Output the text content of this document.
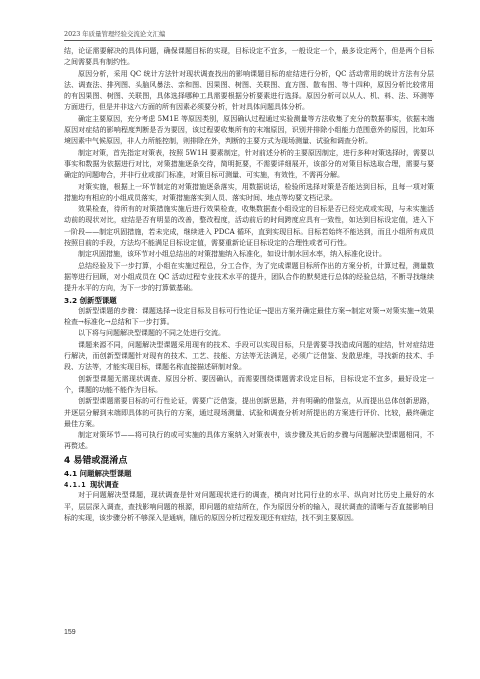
2023 年质量管理经验交流论文汇编

结，论证需要解决的具体问题，确保课题目标的实现，目标设定不宜多，一般设定一个，最多设定两个，但是两个目标之间需要具有制约性。

原因分析，采用 QC 统计方法针对现状调查找出的影响课题目标的症结进行分析，QC 活动常用的统计方法有分层法、调查法、排列图、头脑风暴法、亲和图、因果图、树图、关联图、直方图、散布图、等十四种，原因分析比较常用的有因果图、树图、关联图，具体选择哪种工具需要根据分析要素进行选择。原因分析可以从人、机、料、法、环测等方面进行，但是并非这六方面的所有因素必须要分析，针对具体问题具体分析。

确定主要原因，充分考虑 5M1E 等原因类别，原因确认过程通过实验测量等方法收集了充分的数据事实，依据末端原因对症结的影响程度判断是否为要因，该过程要收集所有的末端原因，识别并排除小组能力范围意外的原因，比如环境因素中气候原因，非人力所能控制，则排除在外，判断的主要方式为现场测量、试验和调查分析。

制定对策，首先指定对策表，按照 5W1H 要素制定，针对前述分析的主要原因制定，进行多种对策选择时，需要以事实和数据为依据进行对比，对策措施逐条交待，简明扼要，不需要详细展开，该部分的对策目标选取合理，需要与要确定的问题吻合，并非行业或部门标准，对策目标可测量、可实施，有效性，不需再分解。

对策实施，根据上一环节制定的对策措施逐条落实，用数据说话，检验所选择对策是否能达到目标，且每一项对策措施均有相应的小组成员落实，对策措施落实到人员、落实时间、地点等均要文档记录。

效果检查，待所有的对策措施实施后进行效果检查，收集数据查小组设定的目标是否已经完成或实现，与未实施活动前的现状对比，症结是否有明显的改善，整改程度，活动前后的时间跨度应具有一致性，如达到目标设定值，进入下一阶段——制定巩固措施，若未完成，继续进入 PDCA 循环，直到实现目标。目标若始终不能达到，而且小组所有成员按照目前的手段，方法均不能满足目标设定值，需要重新论证目标设定的合理性或者可行性。

制定巩固措施，该环节对小组总结出的对策措施纳入标准化，如设计制水回水率，纳入标准化设计。

总结经验及下一步打算，小组在实施过程总，分工合作，为了完成课题目标所作出的方案分析，计算过程，测量数据等进行回顾，对小组成员在 QC 活动过程专业技术水平的提升，团队合作的默契进行总体的经验总结，不断寻找继续提升水平的方向，为下一步的打算做基础。

3.2 创新型课题

创新型课题的步骤：课题选择→设定目标及目标可行性论证→提出方案并确定最佳方案→制定对策→对策实施→效果检查→标准化→总结和下一步打算。

以下将与问题解决型课题的不同之处进行交流。

课题来源不同，问题解决型课题采用现有的技术、手段可以实现目标，只是需要寻找造成问题的症结，针对症结进行解决，而创新型课题针对现有的技术、工艺、技能、方法等无法满足，必须广泛借鉴、发散思维，寻找新的技术、手段、方法等，才能实现目标，课题名称直接描述研制对象。

创新型课题无需现状调查、原因分析、要因确认，而需要围绕课题需求设定目标，目标设定不宜多，最好设定一个，课题的功能不能作为目标。

创新型课题需要目标的可行性论证，需要广泛借鉴，提出创新思路，并有明确的借鉴点，从而提出总体创新思路，并逐层分解到末端即具体的可执行的方案，通过现场测量、试验和调查分析对所提出的方案进行评价、比较，最终确定最佳方案。

制定对策环节——将可执行的或可实施的具体方案纳入对策表中，该步骤及其后的步骤与问题解决型课题相同，不再赘述。

4 易错或混淆点
4.1 问题解决型课题
4.1.1 现状调查

对于问题解决型课题，现状调查是针对问题现状进行的调查，横向对比同行业的水平、纵向对比历史上最好的水平，层层深入调查，查找影响问题的根源，即问题的症结所在，作为原因分析的输入，现状调查的清晰与否直接影响目标的实现，该步骤分析不够深入是通病，随后的原因分析过程发现还有症结，找不到主要原因。

159
